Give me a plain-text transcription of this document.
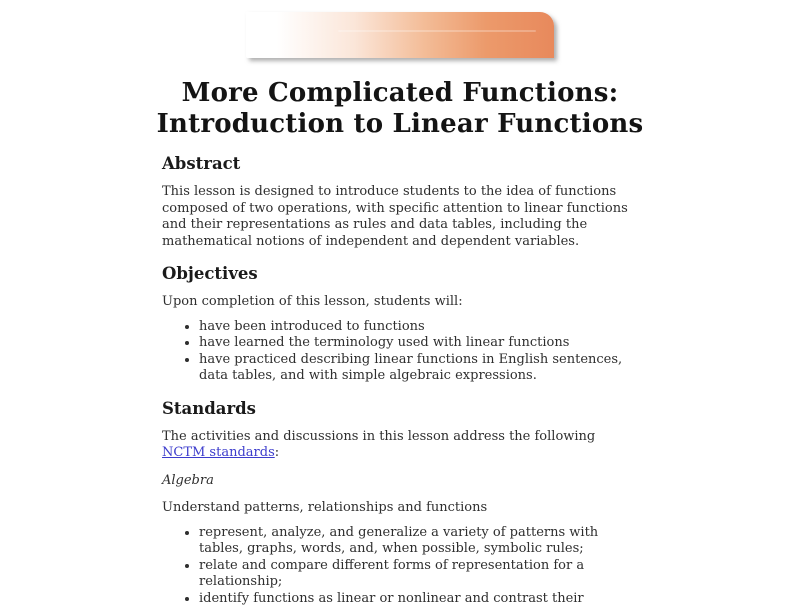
More Complicated Functions:
Introduction to Linear Functions
Abstract

This lesson is designed to introduce students to the idea of functions composed of two operations, with specific attention to linear functions and their representations as rules and data tables, including the mathematical notions of independent and dependent variables.

Objectives

Upon completion of this lesson, students will:

• have been introduced to functions
• have learned the terminology used with linear functions
• have practiced describing linear functions in English sentences, data tables, and with simple algebraic expressions.
Standards

The activities and discussions in this lesson address the following NCTM standards:

Algebra

Understand patterns, relationships and functions

• represent, analyze, and generalize a variety of patterns with tables, graphs, words, and, when possible, symbolic rules;
• relate and compare different forms of representation for a relationship;
• identify functions as linear or nonlinear and contrast their
